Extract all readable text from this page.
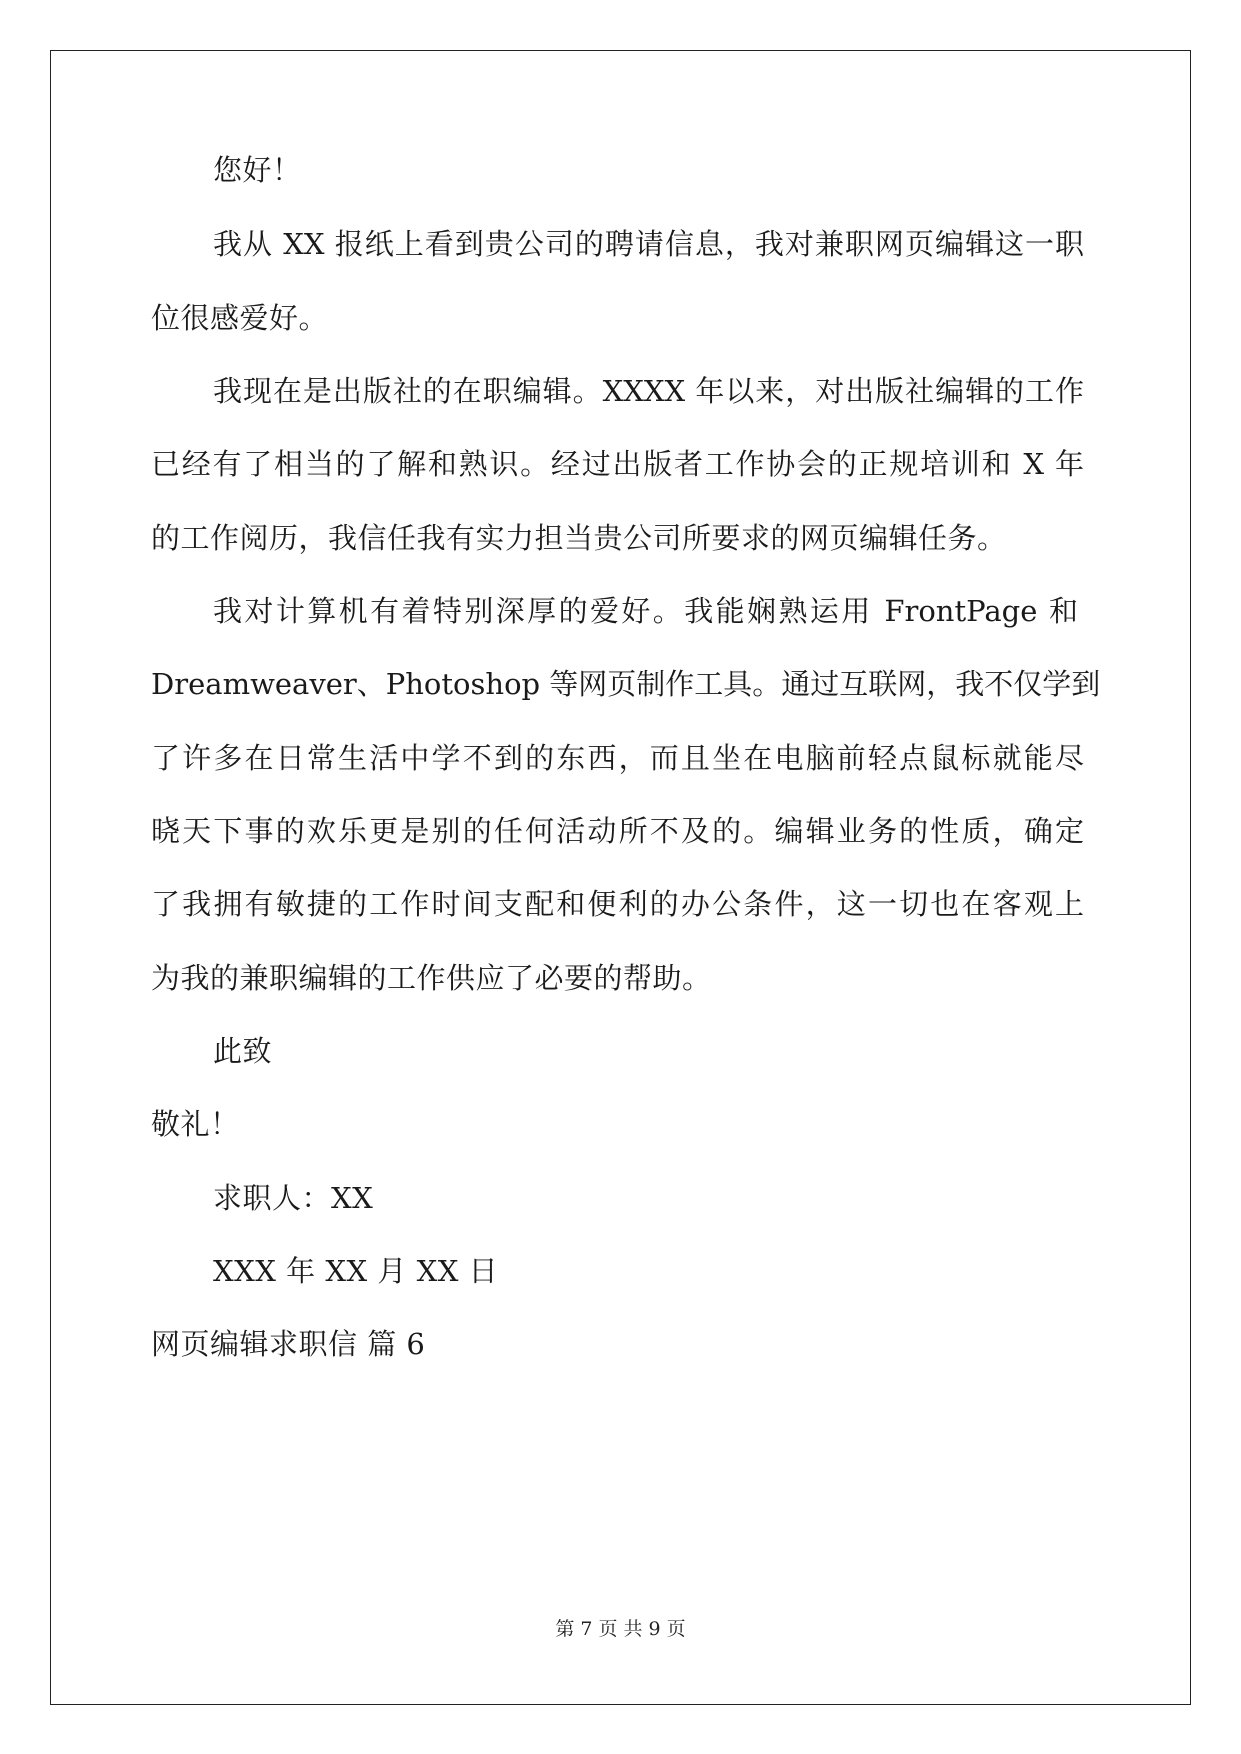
您好！
我从 XX 报纸上看到贵公司的聘请信息，我对兼职网页编辑这一职
位很感爱好。
我现在是出版社的在职编辑。XXXX 年以来，对出版社编辑的工作
已经有了相当的了解和熟识。经过出版者工作协会的正规培训和 X 年
的工作阅历，我信任我有实力担当贵公司所要求的网页编辑任务。
我对计算机有着特别深厚的爱好。我能娴熟运用 FrontPage 和
Dreamweaver、Photoshop 等网页制作工具。通过互联网，我不仅学到
了许多在日常生活中学不到的东西，而且坐在电脑前轻点鼠标就能尽
晓天下事的欢乐更是别的任何活动所不及的。编辑业务的性质，确定
了我拥有敏捷的工作时间支配和便利的办公条件，这一切也在客观上
为我的兼职编辑的工作供应了必要的帮助。
此致
敬礼！
求职人：XX
XXX 年 XX 月 XX 日
网页编辑求职信 篇 6
第 7 页 共 9 页
